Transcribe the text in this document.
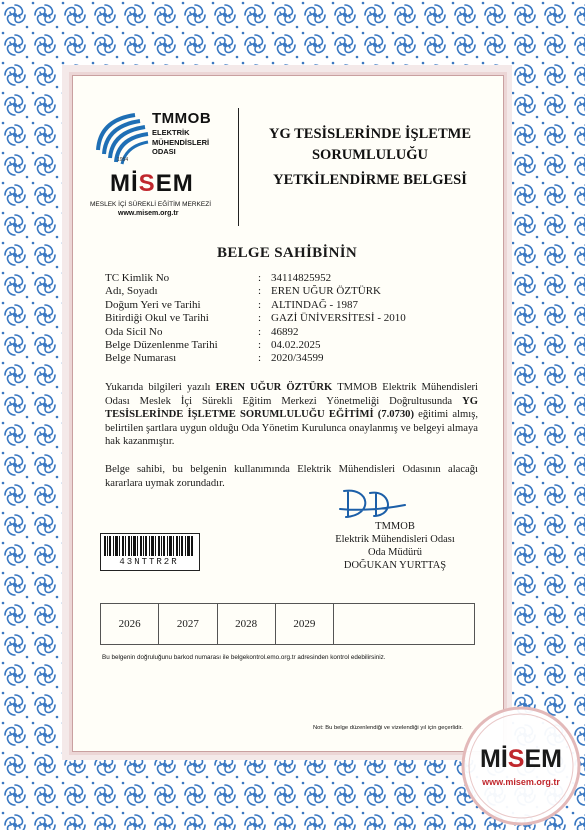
TMMOB
ELEKTRİK
MÜHENDİSLERİ
ODASI
1954
MİSEM
MESLEK İÇİ SÜREKLİ EĞİTİM MERKEZİ
www.misem.org.tr
YG TESİSLERİNDE İŞLETME
SORUMLULUĞU
YETKİLENDİRME BELGESİ
BELGE SAHİBİNİN
TC Kimlik No	: 34114825952
Adı, Soyadı	: EREN UĞUR ÖZTÜRK
Doğum Yeri ve Tarihi	: ALTINDAĞ - 1987
Bitirdiği Okul ve Tarihi	: GAZİ ÜNİVERSİTESİ - 2010
Oda Sicil No	: 46892
Belge Düzenlenme Tarihi	: 04.02.2025
Belge Numarası	: 2020/34599
Yukarıda bilgileri yazılı EREN UĞUR ÖZTÜRK TMMOB Elektrik Mühendisleri Odası Meslek İçi Sürekli Eğitim Merkezi Yönetmeliği Doğrultusunda YG TESİSLERİNDE İŞLETME SORUMLULUĞU EĞİTİMİ (7.0730) eğitimi almış, belirtilen şartlara uygun olduğu Oda Yönetim Kurulunca onaylanmış ve belgeyi almaya hak kazanmıştır.
Belge sahibi, bu belgenin kullanımında Elektrik Mühendisleri Odasının alacağı kararlara uymak zorundadır.
TMMOB
Elektrik Mühendisleri Odası
Oda Müdürü
DOĞUKAN YURTTAŞ
43NTTR2R
2026	2027	2028	2029
Bu belgenin doğruluğunu barkod numarası ile belgekontrol.emo.org.tr adresinden kontrol edebilirsiniz.
Not: Bu belge düzenlendiği ve vizelendiği yıl için geçerlidir.
MİSEM
www.misem.org.tr
